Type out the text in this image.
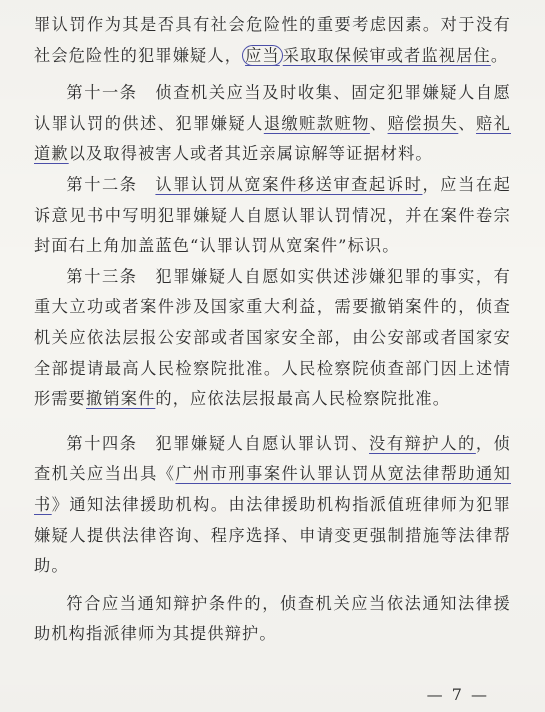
罪认罚作为其是否具有社会危险性的重要考虑因素。对于没有社会危险性的犯罪嫌疑人， 应当 采取取保候审或者监视居住。

第十一条　侦查机关应当及时收集、固定犯罪嫌疑人自愿认罪认罚的供述、犯罪嫌疑人退缴赃款赃物、赔偿损失、赔礼道歉以及取得被害人或者其近亲属谅解等证据材料。

第十二条　 认罪认罚从宽案件移送审查起诉时，应当在起诉意见书中写明犯罪嫌疑人自愿认罪认罚情况，并在案件卷宗封面右上角加盖蓝色“认罪认罚从宽案件”标识。

第十三条　犯罪嫌疑人自愿如实供述涉嫌犯罪的事实，有重大立功或者案件涉及国家重大利益，需要撤销案件的，侦查机关应依法层报公安部或者国家安全部，由公安部或者国家安全部提请最高人民检察院批准。人民检察院侦查部门因上述情形需要撤销案件的，应依法层报最高人民检察院批准。

第十四条　犯罪嫌疑人自愿认罪认罚、没有辩护人的，侦查机关应当出具《广州市刑事案件认罪认罚从宽法律帮助通知书》通知法律援助机构。由法律援助机构指派值班律师为犯罪嫌疑人提供法律咨询、程序选择、申请变更强制措施等法律帮助。

符合应当通知辩护条件的，侦查机关应当依法通知法律援助机构指派律师为其提供辩护。

— 7 —
